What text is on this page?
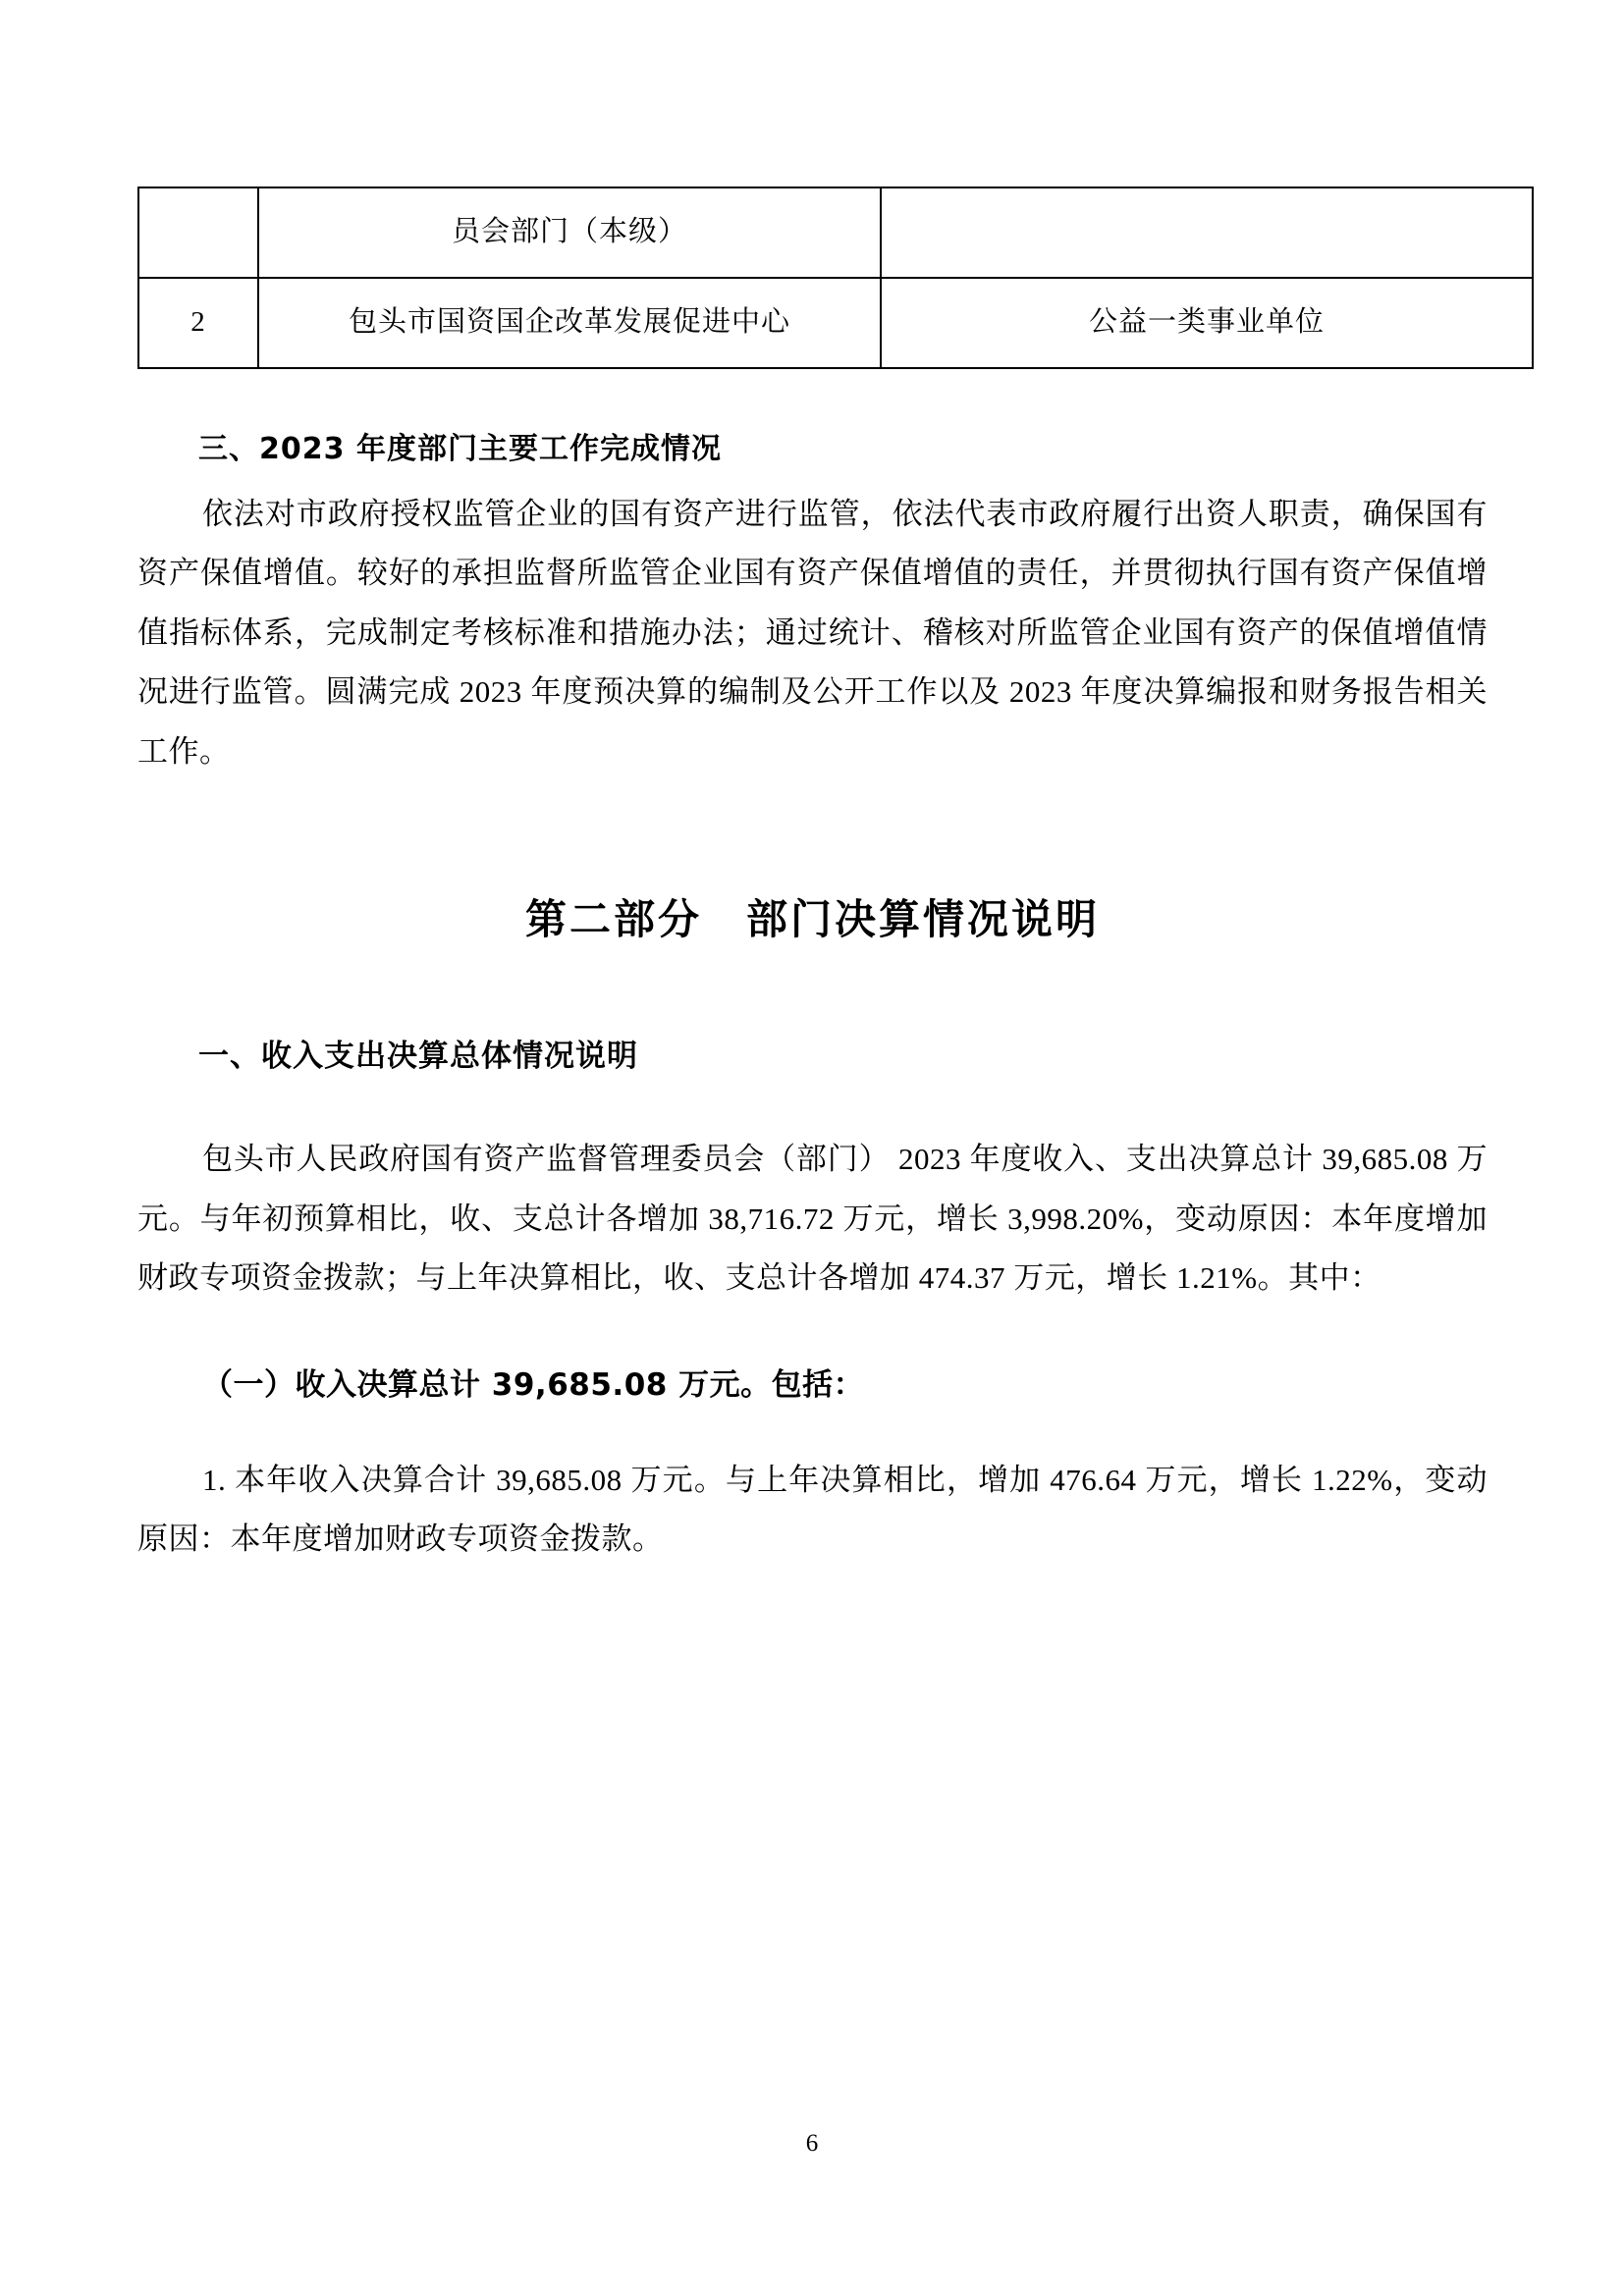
	员会部门（本级）	
2	包头市国资国企改革发展促进中心	公益一类事业单位
三、2023 年度部门主要工作完成情况
依法对市政府授权监管企业的国有资产进行监管，依法代表市政府履行出资人职责，确保国有资产保值增值。较好的承担监督所监管企业国有资产保值增值的责任，并贯彻执行国有资产保值增值指标体系，完成制定考核标准和措施办法；通过统计、稽核对所监管企业国有资产的保值增值情况进行监管。圆满完成 2023 年度预决算的编制及公开工作以及 2023 年度决算编报和财务报告相关工作。
第二部分　部门决算情况说明
一、收入支出决算总体情况说明
包头市人民政府国有资产监督管理委员会（部门） 2023 年度收入、支出决算总计 39,685.08 万元。与年初预算相比，收、支总计各增加 38,716.72 万元，增长 3,998.20%，变动原因：本年度增加财政专项资金拨款；与上年决算相比，收、支总计各增加 474.37 万元，增长 1.21%。其中：
（一）收入决算总计 39,685.08 万元。包括：
1. 本年收入决算合计 39,685.08 万元。与上年决算相比，增加 476.64 万元，增长 1.22%，变动原因：本年度增加财政专项资金拨款。
6
